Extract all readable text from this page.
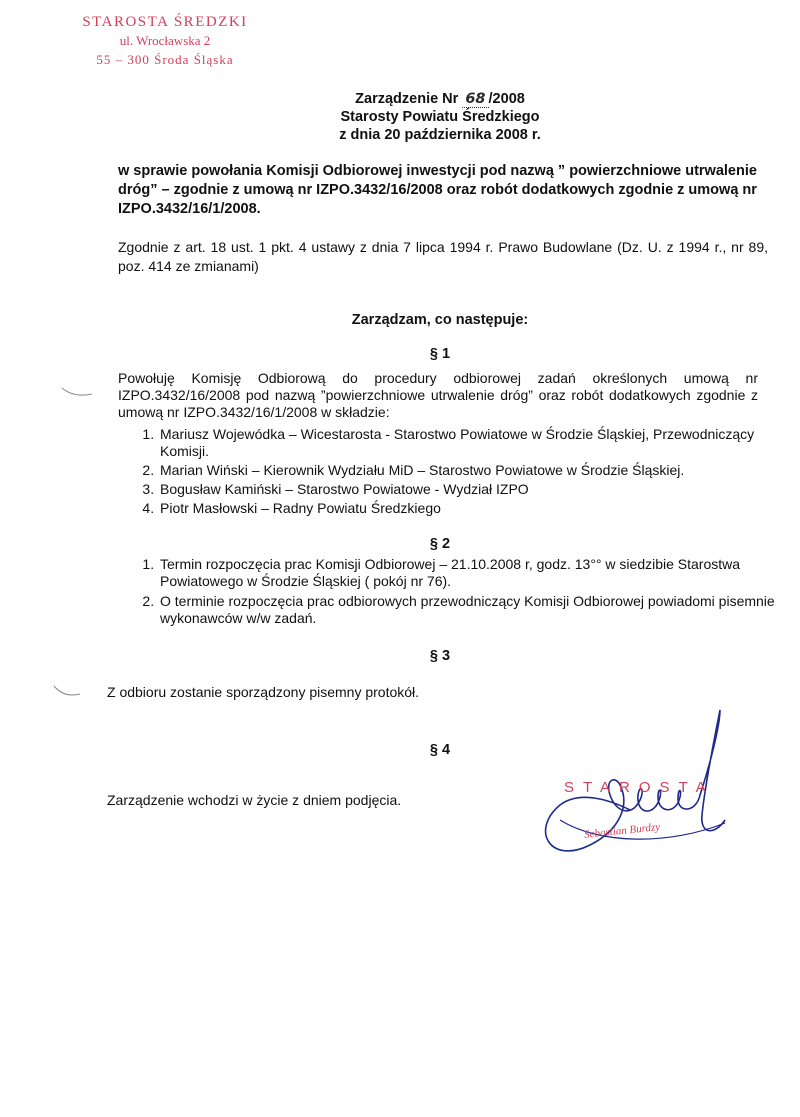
STAROSTA ŚREDZKI
ul. Wrocławska 2
55 – 300 Środa Śląska
Zarządzenie Nr 68 /2008
Starosty Powiatu Średzkiego
z dnia 20 października 2008 r.
w sprawie powołania Komisji Odbiorowej inwestycji pod nazwą ” powierzchniowe utrwalenie dróg” – zgodnie z umową nr IZPO.3432/16/2008 oraz robót dodatkowych zgodnie z umową nr IZPO.3432/16/1/2008.
Zgodnie z art. 18 ust. 1 pkt. 4 ustawy z dnia 7 lipca 1994 r. Prawo Budowlane (Dz. U. z 1994 r., nr 89, poz. 414 ze zmianami)
Zarządzam, co następuje:
§ 1
Powołuję Komisję Odbiorową do procedury odbiorowej zadań określonych umową nr IZPO.3432/16/2008 pod nazwą ”powierzchniowe utrwalenie dróg” oraz robót dodatkowych zgodnie z umową nr IZPO.3432/16/1/2008 w składzie:
1. Mariusz Wojewódka – Wicestarosta - Starostwo Powiatowe w Środzie Śląskiej, Przewodniczący Komisji.
2. Marian Wiński – Kierownik Wydziału MiD – Starostwo Powiatowe w Środzie Śląskiej.
3. Bogusław Kamiński – Starostwo Powiatowe - Wydział IZPO
4. Piotr Masłowski – Radny Powiatu Średzkiego
§ 2
1. Termin rozpoczęcia prac Komisji Odbiorowej – 21.10.2008 r, godz. 13°° w siedzibie Starostwa Powiatowego w Środzie Śląskiej ( pokój nr 76).
2. O terminie rozpoczęcia prac odbiorowych przewodniczący Komisji Odbiorowej powiadomi pisemnie wykonawców w/w zadań.
§ 3
Z odbioru zostanie sporządzony pisemny protokół.
§ 4
Zarządzenie wchodzi w życie z dniem podjęcia.
STAROSTA
Sebastian Burdzy
